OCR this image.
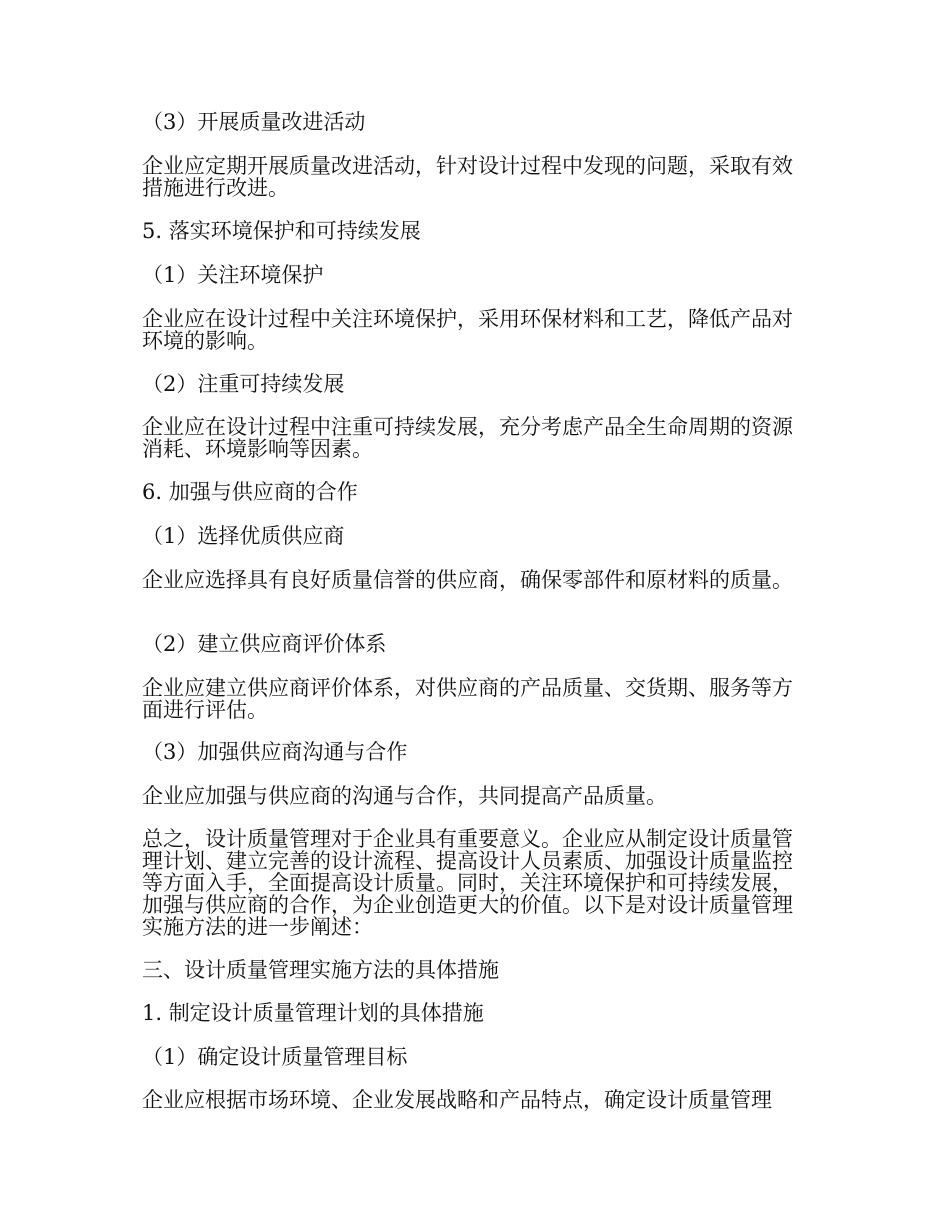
（3）开展质量改进活动

企业应定期开展质量改进活动，针对设计过程中发现的问题，采取有效措施进行改进。

5. 落实环境保护和可持续发展

（1）关注环境保护

企业应在设计过程中关注环境保护，采用环保材料和工艺，降低产品对环境的影响。

（2）注重可持续发展

企业应在设计过程中注重可持续发展，充分考虑产品全生命周期的资源消耗、环境影响等因素。

6. 加强与供应商的合作

（1）选择优质供应商

企业应选择具有良好质量信誉的供应商，确保零部件和原材料的质量。

（2）建立供应商评价体系

企业应建立供应商评价体系，对供应商的产品质量、交货期、服务等方面进行评估。

（3）加强供应商沟通与合作

企业应加强与供应商的沟通与合作，共同提高产品质量。

总之，设计质量管理对于企业具有重要意义。企业应从制定设计质量管理计划、建立完善的设计流程、提高设计人员素质、加强设计质量监控等方面入手，全面提高设计质量。同时，关注环境保护和可持续发展，加强与供应商的合作，为企业创造更大的价值。以下是对设计质量管理实施方法的进一步阐述：

三、设计质量管理实施方法的具体措施

1. 制定设计质量管理计划的具体措施

（1）确定设计质量管理目标

企业应根据市场环境、企业发展战略和产品特点，确定设计质量管理
